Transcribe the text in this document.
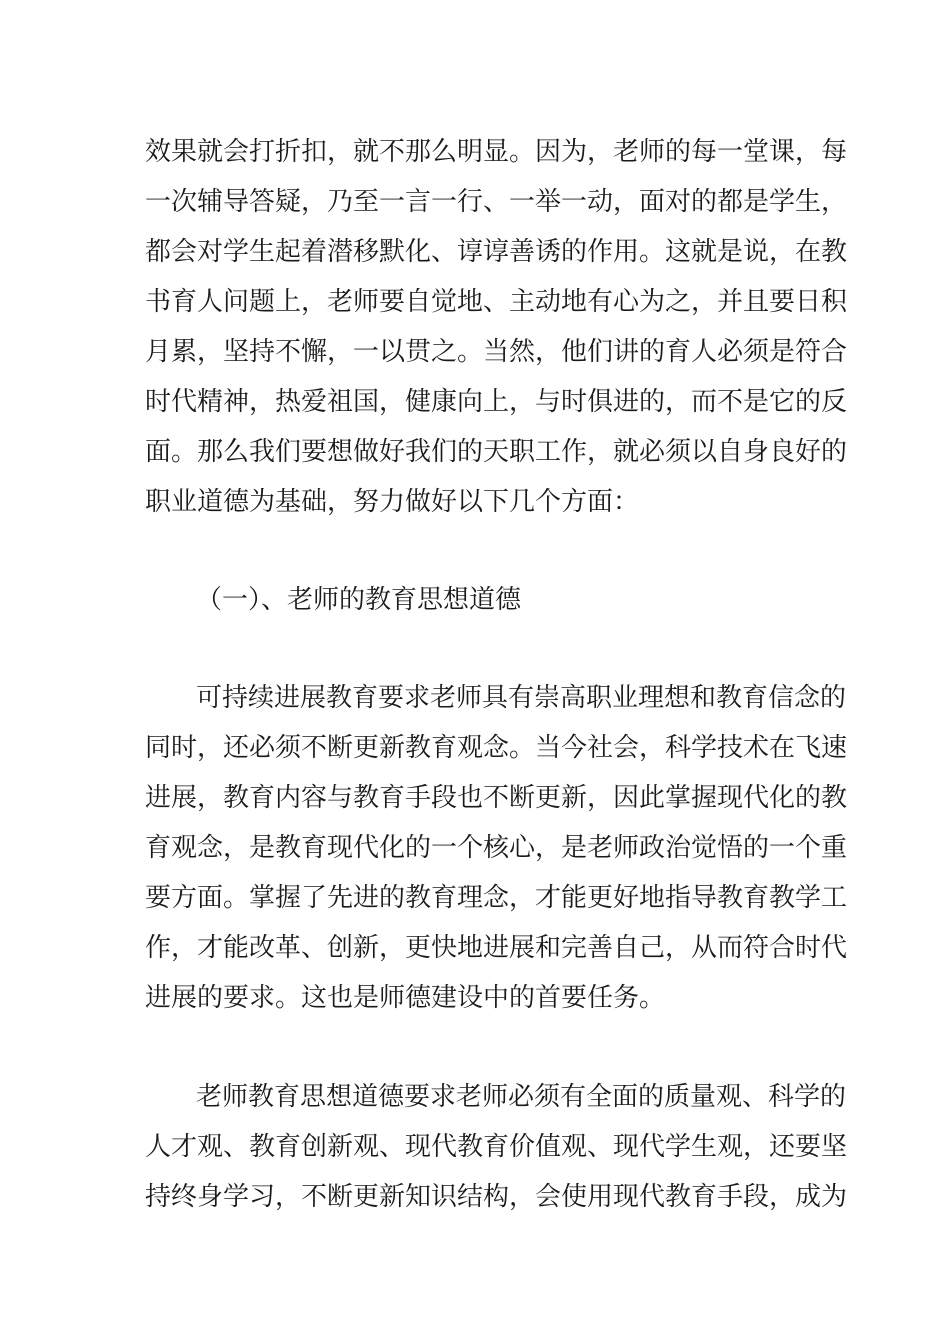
效果就会打折扣，就不那么明显。因为，老师的每一堂课，每
一次辅导答疑，乃至一言一行、一举一动，面对的都是学生，
都会对学生起着潜移默化、谆谆善诱的作用。这就是说，在教
书育人问题上，老师要自觉地、主动地有心为之，并且要日积
月累，坚持不懈，一以贯之。当然，他们讲的育人必须是符合
时代精神，热爱祖国，健康向上，与时俱进的，而不是它的反
面。那么我们要想做好我们的天职工作，就必须以自身良好的
职业道德为基础，努力做好以下几个方面：
（一）、老师的教育思想道德
可持续进展教育要求老师具有崇高职业理想和教育信念的
同时，还必须不断更新教育观念。当今社会，科学技术在飞速
进展，教育内容与教育手段也不断更新，因此掌握现代化的教
育观念，是教育现代化的一个核心，是老师政治觉悟的一个重
要方面。掌握了先进的教育理念，才能更好地指导教育教学工
作，才能改革、创新，更快地进展和完善自己，从而符合时代
进展的要求。这也是师德建设中的首要任务。
老师教育思想道德要求老师必须有全面的质量观、科学的
人才观、教育创新观、现代教育价值观、现代学生观，还要坚
持终身学习，不断更新知识结构，会使用现代教育手段，成为
